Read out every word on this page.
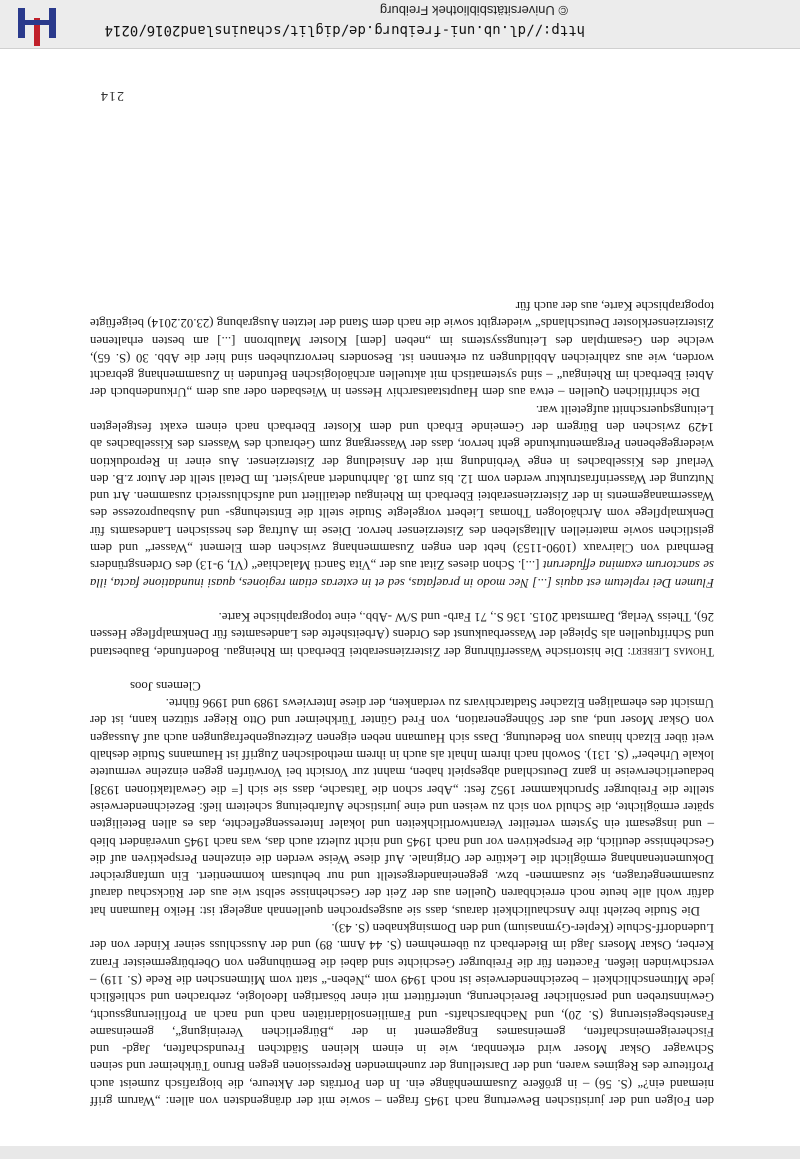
den Folgen und der juristischen Bewertung nach 1945 fragen – sowie mit der drängendsten von allen: „Warum griff niemand ein?“ (S. 56) – in größere Zusammenhänge ein. In den Porträts der Akteure, die biografisch zumeist auch Profiteure des Regimes waren, und der Darstellung der zunehmenden Repressionen gegen Bruno Türkheimer und seinen Schwager Oskar Moser wird erkennbar, wie in einem kleinen Städtchen Freundschaften, Jagd- und Fischereigemeinschaften, gemeinsames Engagement in der „Bürgerlichen Vereinigung“, gemeinsame Fasnetsbegeisterung (S. 20), und Nachbarschafts- und Familiensolidaritäten nach und nach an Profilierungssucht, Gewinnstreben und persönlicher Bereicherung, unterfüttert mit einer bösartigen Ideologie, zerbrachen und schließlich jede Mitmenschlichkeit – bezeichnenderweise ist noch 1949 vom „Neben-“ statt vom Mitmenschen die Rede (S. 119) – verschwinden ließen. Facetten für die Freiburger Geschichte sind dabei die Bemühungen von Oberbürgermeister Franz Kerber, Oskar Mosers Jagd im Biederbach zu übernehmen (S. 44 Anm. 89) und der Ausschluss seiner Kinder von der Ludendorff-Schule (Kepler-Gymnasium) und den Domsingknaben (S. 43).

Die Studie bezieht ihre Anschaulichkeit daraus, dass sie ausgesprochen quellennah angelegt ist: Heiko Haumann hat dafür wohl alle heute noch erreichbaren Quellen aus der Zeit der Geschehnisse selbst wie aus der Rückschau darauf zusammengetragen, sie zusammen- bzw. gegeneinandergestellt und nur behutsam kommentiert. Ein umfangreicher Dokumentenanhang ermöglicht die Lektüre der Originale. Auf diese Weise werden die einzelnen Perspektiven auf die Geschehnisse deutlich, die Perspektiven vor und nach 1945 und nicht zuletzt auch das, was nach 1945 unverändert blieb – und insgesamt ein System verteilter Verantwortlichkeiten und lokaler Interessengeflechte, das es allen Beteiligten später ermöglichte, die Schuld von sich zu weisen und eine juristische Aufarbeitung scheitern ließ: Bezeichnenderweise stellte die Freiburger Spruchkammer 1952 fest: „Aber schon die Tatsache, dass sie sich [= die Gewaltaktionen 1938] bedauerlicherweise in ganz Deutschland abgespielt haben, mahnt zur Vorsicht bei Vorwürfen gegen einzelne vermutete lokale Urheber“ (S. 131). Sowohl nach ihrem Inhalt als auch in ihrem methodischen Zugriff ist Haumanns Studie deshalb weit über Elzach hinaus von Bedeutung. Dass sich Haumann neben eigenen Zeitzeugenbefragungen auch auf Aussagen von Oskar Moser und, aus der Söhnegeneration, von Fred Günter Türkheimer und Otto Rieger stützen kann, ist der Umsicht des ehemaligen Elzacher Stadtarchivars zu verdanken, der diese Interviews 1989 und 1996 führte.

Clemens Joos

Thomas Liebert: Die historische Wasserführung der Zisterzienserabtei Eberbach im Rheingau. Bodenfunde, Baubestand und Schriftquellen als Spiegel der Wasserbaukunst des Ordens (Arbeitshefte des Landesamtes für Denkmalpflege Hessen 26), Theiss Verlag, Darmstadt 2015. 136 S., 71 Farb- und S/W -Abb., eine topographische Karte.

Flumen Dei repletum est aquis [...] Nec modo in praefatas, sed et in exteras etiam regiones, quasi inundatione facta, illa se sanctorum examina effuderunt [...]. Schon dieses Zitat aus der „Vita Sancti Malachiae“ (VI, 9-13) des Ordensgründers Bernhard von Clairvaux (1090-1153) hebt den engen Zusammenhang zwischen dem Element „Wasser“ und dem geistlichen sowie materiellen Alltagsleben des Zisterzienser hervor. Diese im Auftrag des hessischen Landesamts für Denkmalpflege vom Archäologen Thomas Liebert vorgelegte Studie stellt die Entstehungs- und Ausbauprozesse des Wassermanagements in der Zisterzienserabtei Eberbach im Rheingau detailliert und aufschlussreich zusammen. Art und Nutzung der Wasserinfrastruktur werden vom 12. bis zum 18. Jahrhundert analysiert. Im Detail stellt der Autor z.B. den Verlauf des Kisselbaches in enge Verbindung mit der Ansiedlung der Zisterzienser. Aus einer in Reproduktion wiedergegebenen Pergamenturkunde geht hervor, dass der Wassergang zum Gebrauch des Wassers des Kisselbaches ab 1429 zwischen den Bürgern der Gemeinde Erbach und dem Kloster Eberbach nach einem exakt festgelegten Leitungsquerschnitt aufgeteilt war.

Die schriftlichen Quellen – etwa aus dem Hauptstaatsarchiv Hessen in Wiesbaden oder aus dem „Urkundenbuch der Abtei Eberbach im Rheingau“ – sind systematisch mit aktuellen archäologischen Befunden in Zusammenhang gebracht worden, wie aus zahlreichen Abbildungen zu erkennen ist. Besonders hervorzuheben sind hier die Abb. 30 (S. 65), welche den Gesamtplan des Leitungssystems im „neben [dem] Kloster Maulbronn [...] am besten erhaltenen Zisterzienserkloster Deutschlands“ wiedergibt sowie die nach dem Stand der letzten Ausgrabung (23.02.2014) beigefügte topographische Karte, aus der auch für

214
http://dl.ub.uni-freiburg.de/diglit/schauinsland2016/0214
© Universitätsbibliothek Freiburg
